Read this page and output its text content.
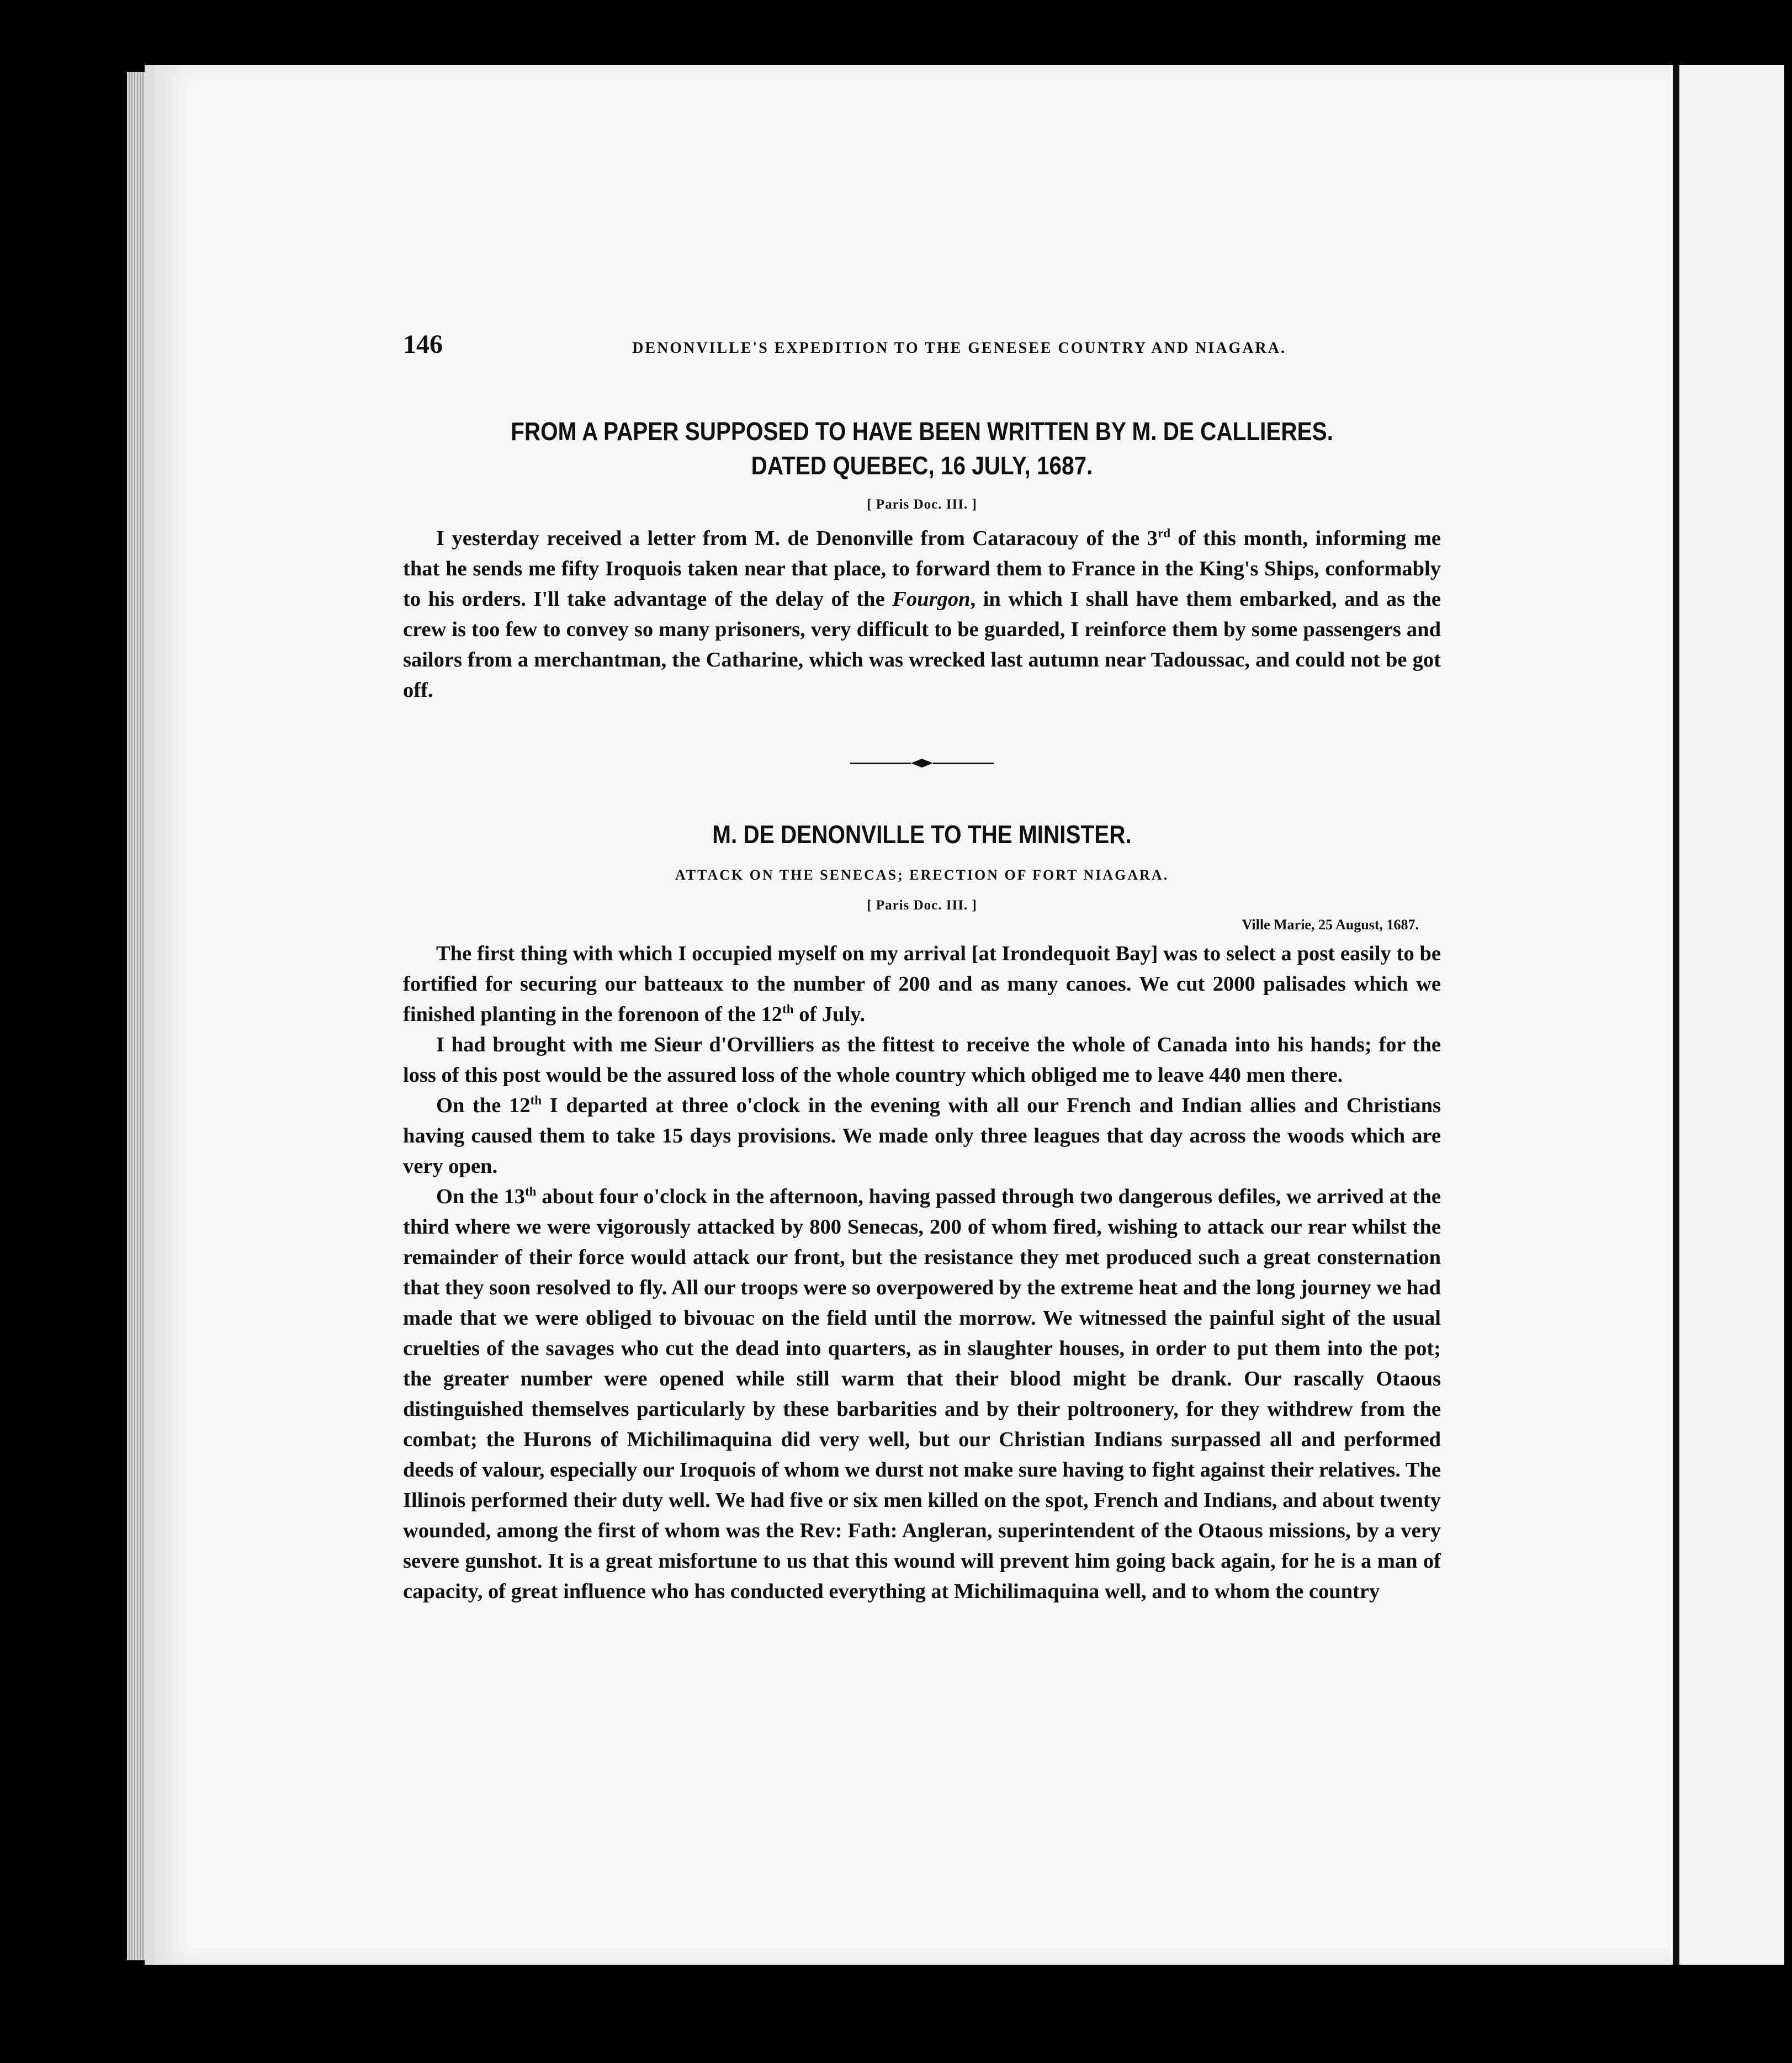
146	DENONVILLE'S EXPEDITION TO THE GENESEE COUNTRY AND NIAGARA.

FROM A PAPER SUPPOSED TO HAVE BEEN WRITTEN BY M. DE CALLIERES.

DATED QUEBEC, 16 JULY, 1687.

[ Paris Doc. III. ]

I yesterday received a letter from M. de Denonville from Cataracouy of the 3rd of this month, informing me that he sends me fifty Iroquois taken near that place, to forward them to France in the King's Ships, conformably to his orders. I'll take advantage of the delay of the Fourgon, in which I shall have them embarked, and as the crew is too few to convey so many prisoners, very difficult to be guarded, I reinforce them by some passengers and sailors from a merchantman, the Catharine, which was wrecked last autumn near Tadoussac, and could not be got off.

M. DE DENONVILLE TO THE MINISTER.

ATTACK ON THE SENECAS; ERECTION OF FORT NIAGARA.
[ Paris Doc. III. ]
Ville Marie, 25 August, 1687.

The first thing with which I occupied myself on my arrival [at Irondequoit Bay] was to select a post easily to be fortified for securing our batteaux to the number of 200 and as many canoes. We cut 2000 palisades which we finished planting in the forenoon of the 12th of July.

I had brought with me Sieur d'Orvilliers as the fittest to receive the whole of Canada into his hands; for the loss of this post would be the assured loss of the whole country which obliged me to leave 440 men there.

On the 12th I departed at three o'clock in the evening with all our French and Indian allies and Christians having caused them to take 15 days provisions. We made only three leagues that day across the woods which are very open.

On the 13th about four o'clock in the afternoon, having passed through two dangerous defiles, we arrived at the third where we were vigorously attacked by 800 Senecas, 200 of whom fired, wishing to attack our rear whilst the remainder of their force would attack our front, but the resistance they met produced such a great consternation that they soon resolved to fly. All our troops were so overpowered by the extreme heat and the long journey we had made that we were obliged to bivouac on the field until the morrow. We witnessed the painful sight of the usual cruelties of the savages who cut the dead into quarters, as in slaughter houses, in order to put them into the pot; the greater number were opened while still warm that their blood might be drank. Our rascally Otaous distinguished themselves particularly by these barbarities and by their poltroonery, for they withdrew from the combat; the Hurons of Michilimaquina did very well, but our Christian Indians surpassed all and performed deeds of valour, especially our Iroquois of whom we durst not make sure having to fight against their relatives. The Illinois performed their duty well. We had five or six men killed on the spot, French and Indians, and about twenty wounded, among the first of whom was the Rev: Fath: Angleran, superintendent of the Otaous missions, by a very severe gunshot. It is a great misfortune to us that this wound will prevent him going back again, for he is a man of capacity, of great influence who has conducted everything at Michilimaquina well, and to whom the country
